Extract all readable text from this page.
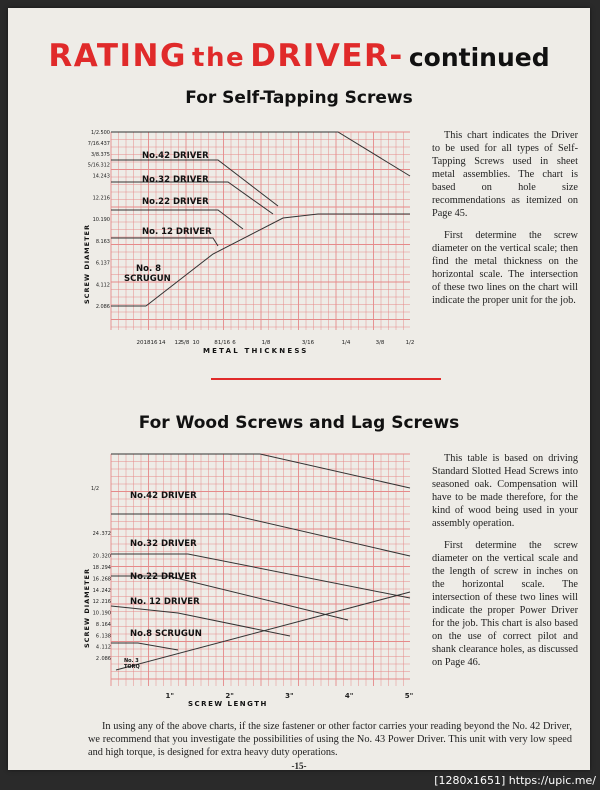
RATING the DRIVER- continued
For Self-Tapping Screws
No.42 DRIVER
No.32 DRIVER
No.22 DRIVER
No. 12 DRIVER
No. 8
SCRUGUN
SCREW DIAMETER
2
4
6
8
10
12
14
5/16
3/8
7/16
1/2
.086
.112
.137
.163
.190
.216
.243
.312
.375
.437
.500
20 18 16 14 12 5/8 10	8 1/16 6	1/8	3/16	1/4	3/8	1/2
METAL THICKNESS

This chart indicates the Driver to be used for all types of Self-Tapping Screws used in sheet metal assemblies. The chart is based on hole size recommendations as itemized on Page 45.

First determine the screw diameter on the vertical scale; then find the metal thickness on the horizontal scale. The intersection of these two lines on the chart will indicate the proper unit for the job.

For Wood Screws and Lag Screws
No.42 DRIVER
No.32 DRIVER
No.22 DRIVER
No. 12 DRIVER
No.8 SCRUGUN
No. 3
TORQ
SCREW DIAMETER
2
4
6
8
10
12
14
16
18
20
24
1/2
.086
.112
.138
.164
.190
.216
.242
.268
.294
.320
.372
1"	2"	3"	4"	5"
SCREW LENGTH

This table is based on driving Standard Slotted Head Screws into seasoned oak. Compensation will have to be made therefore, for the kind of wood being used in your assembly operation.

First determine the screw diameter on the vertical scale and the length of screw in inches on the horizontal scale. The intersection of these two lines will indicate the proper Power Driver for the job. This chart is also based on the use of correct pilot and shank clearance holes, as discussed on Page 46.

In using any of the above charts, if the size fastener or other factor carries your reading beyond the No. 42 Driver, we recommend that you investigate the possibilities of using the No. 43 Power Driver. This unit with very low speed and high torque, is designed for extra heavy duty operations.
-15-
[1280x1651] https://upic.me/
